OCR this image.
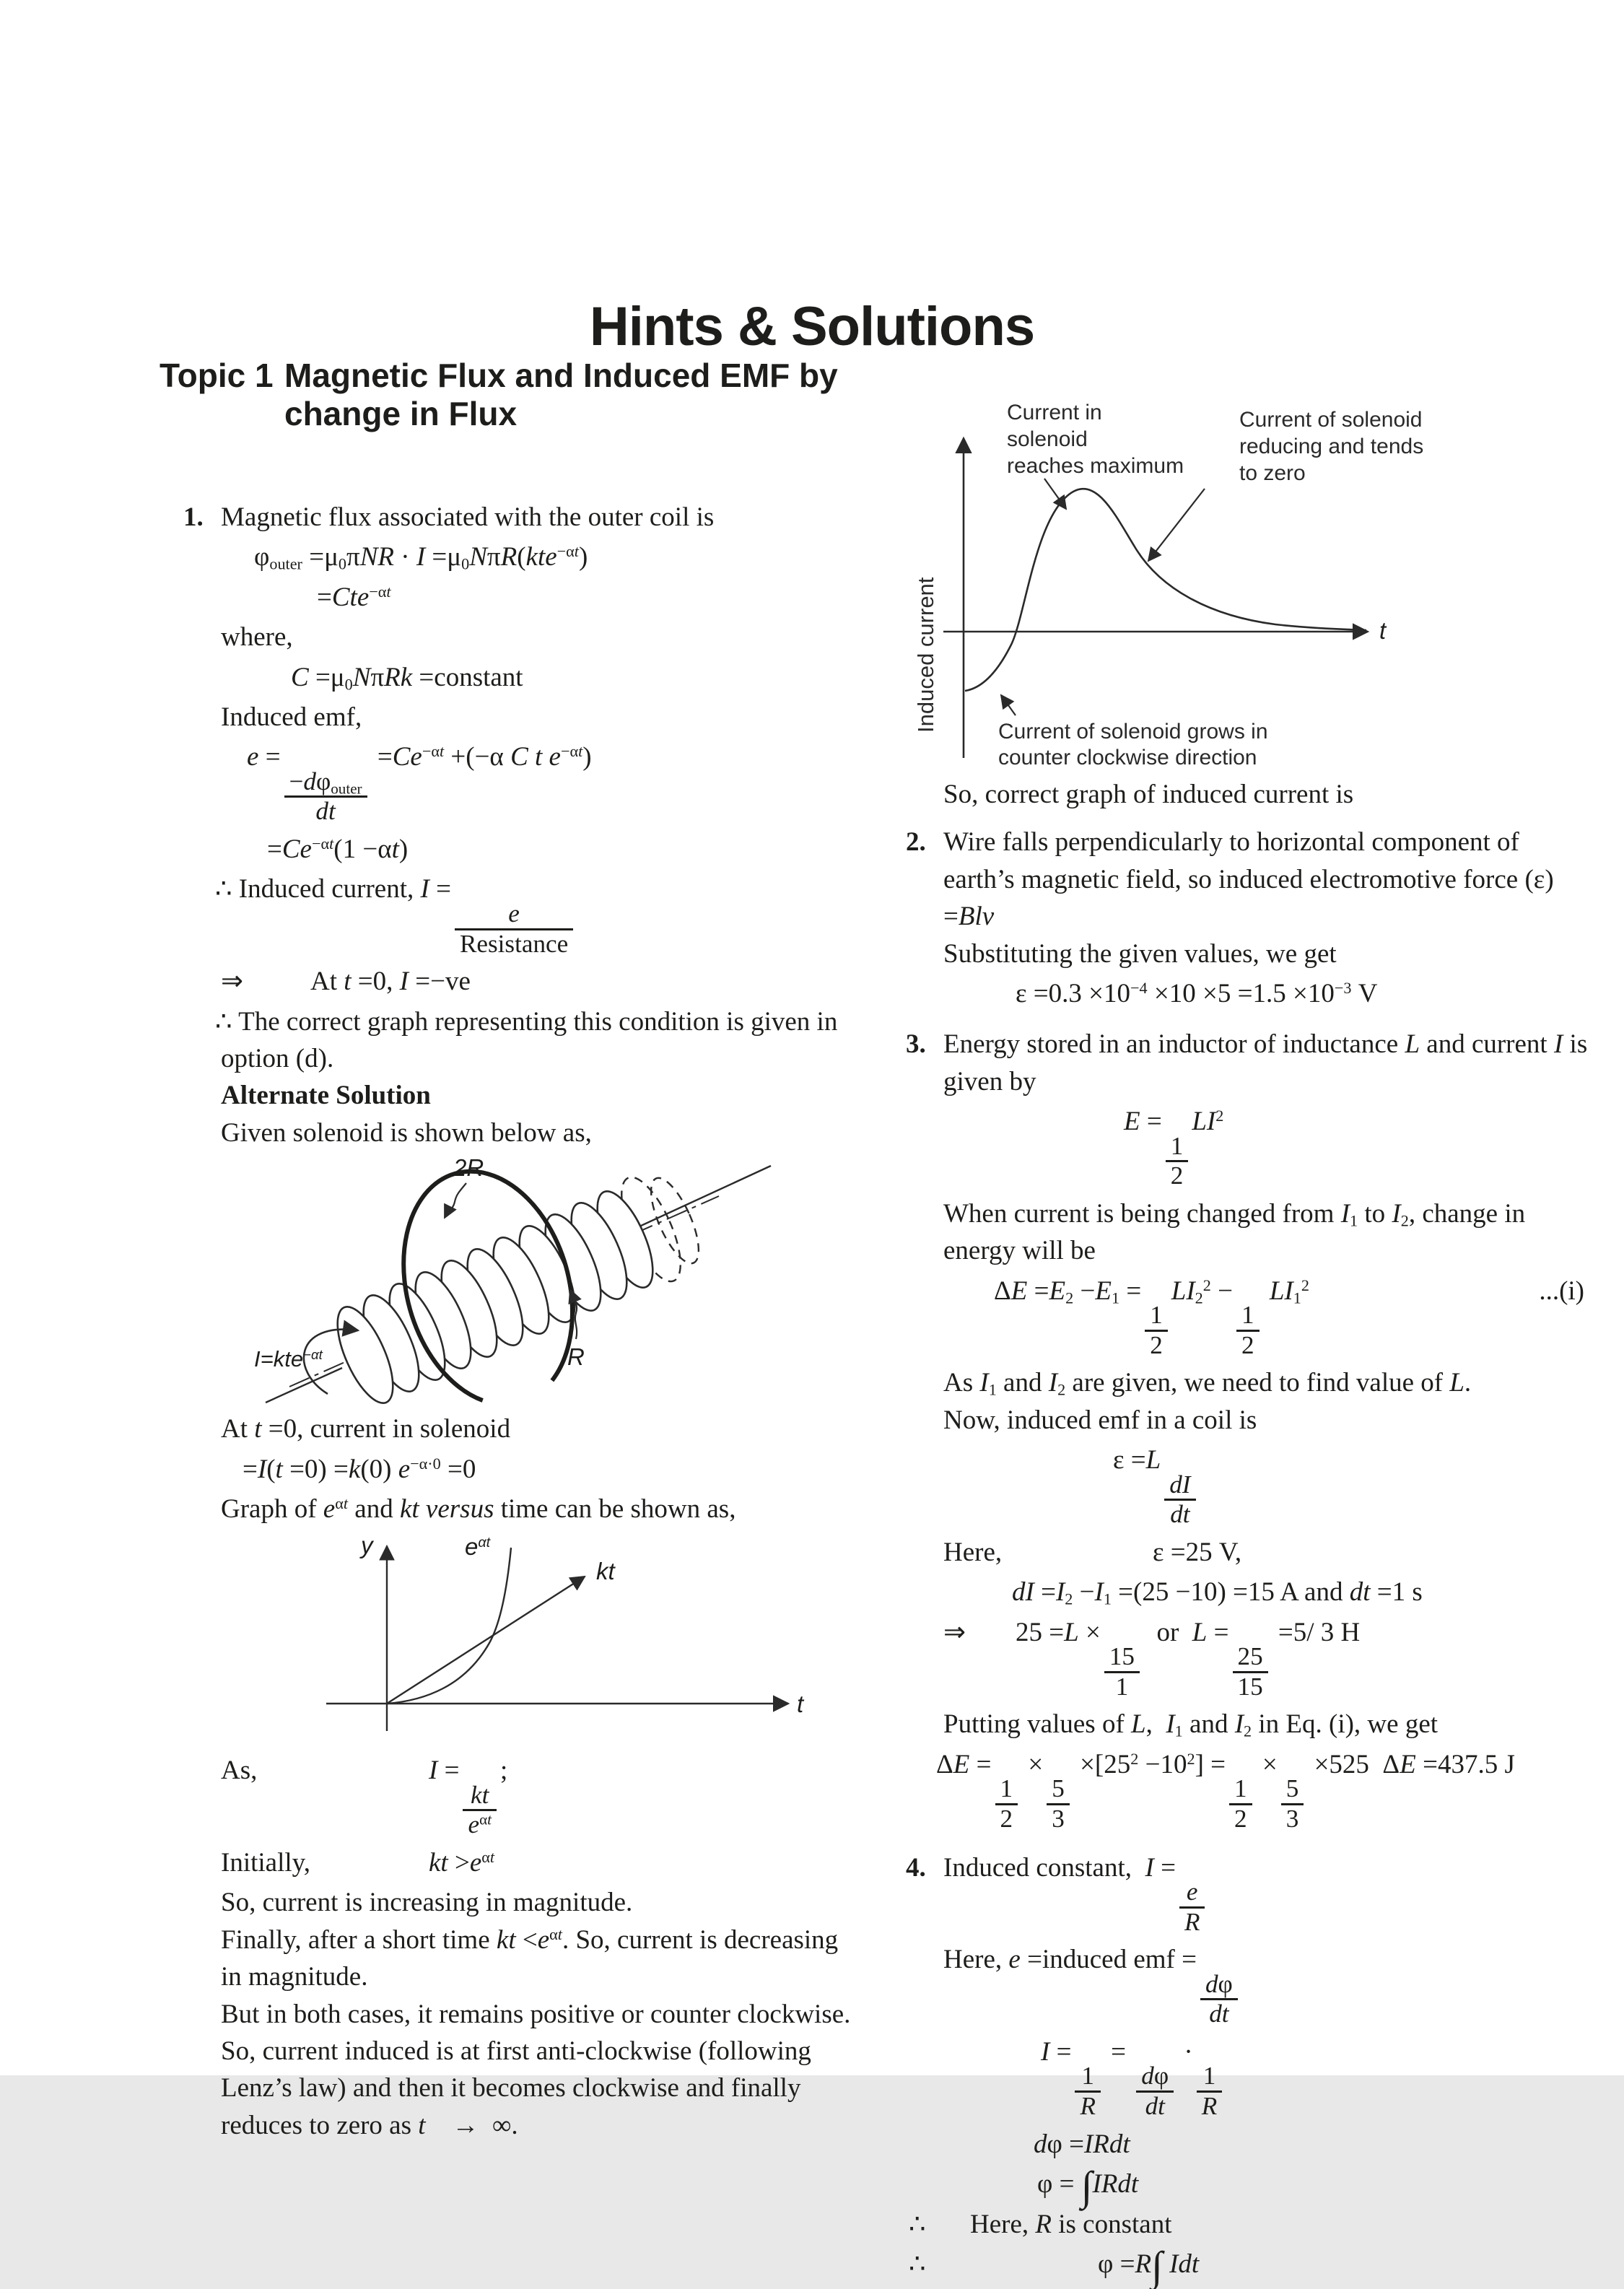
Hints & Solutions
Topic 1 Magnetic Flux and Induced EMF by
change in Flux
1. Magnetic flux associated with the outer coil is
$\varphi_{outer} =\mu_0\pi NR \cdot I =\mu_0N\pi R(kte^{-\alpha t})$
=Cte$^{-\alpha t}$
where,
$C =\mu_0N\pi Rk$ =constant
Induced emf,
e =
$\frac{-d\varphi_{outer}}{dt}$
$=Ce^{-\alpha t} +(-\alpha$ C t $e^{-\alpha t}$)
$=Ce^{-\alpha t}(1 -\alpha t)$
∴ Induced current, I =
$\frac{e}{\text{Resistance}}$
⇒	At t =0, I =−ve
∴ The correct graph representing this condition is given in
option (d).
Alternate Solution
Given solenoid is shown below as,
2R
R
I=kte$^{-\alpha t}$
At t =0, current in solenoid
=I(t =0) =k(0) $e^{-\alpha\cdot 0} =0$
Graph of $e^{\alpha t}$ and kt versus time can be shown as,
y	$e^{\alpha t}$
kt
t
As,	I =
$\frac{kt}{e^{\alpha t}}$
;
Initially,	kt $>e^{\alpha t}$
So, current is increasing in magnitude.
Finally, after a short time kt $<e^{\alpha t}$. So, current is decreasing
in magnitude.
But in both cases, it remains positive or counter clockwise.
So, current induced is at first anti-clockwise (following
Lenz’s law) and then it becomes clockwise and finally
reduces to zero as t  → ∞.
Induced current
Current in
solenoid
reaches maximum
Current of solenoid
reducing and tends
to zero
Current of solenoid grows in
counter clockwise direction
t
So, correct graph of induced current is
2. Wire falls perpendicularly to horizontal component of
earth’s magnetic field, so induced electromotive force (ε)
=Blv
Substituting the given values, we get
$\varepsilon =0.3 \times 10^{-4} \times 10 \times 5 =1.5 \times 10^{-3}$ V
3. Energy stored in an inductor of inductance L and current I is
given by
E =
$\frac{1}{2}$
$LI^2$
When current is being changed from $I_1$ to $I_2$, change in
energy will be
$\Delta E =E_2 -E_1$ =
$\frac{1}{2}$
$LI_2^2$ −
$\frac{1}{2}$
$LI_1^2$	...(i)
As $I_1$ and $I_2$ are given, we need to find value of L.
Now, induced emf in a coil is
ε =L
$\frac{dI}{dt}$
Here,	ε =25 V,
dI $=I_2 -I_1 =(25 -10) =15$ A and dt =1 s
⇒	25 =L ×
$\frac{15}{1}$
 or L =
$\frac{25}{15}$
=5/ 3 H
Putting values of L, $I_1$ and $I_2$ in Eq. (i), we get
ΔE =
$\frac{1}{2}$
×
$\frac{5}{3}$
$\times[25^2 -10^2]$ =
$\frac{1}{2}$
×
$\frac{5}{3}$
×525 ΔE =437.5 J
4. Induced constant, I =
$\frac{e}{R}$
Here, e =induced emf =
$\frac{d\varphi}{dt}$
I =
$\frac{1}{R}$
=
$\frac{d\varphi}{dt}$
·
$\frac{1}{R}$
dφ =IRdt
φ = ∫IRdt
∴	Here, R is constant
∴	φ =R∫ Idt
